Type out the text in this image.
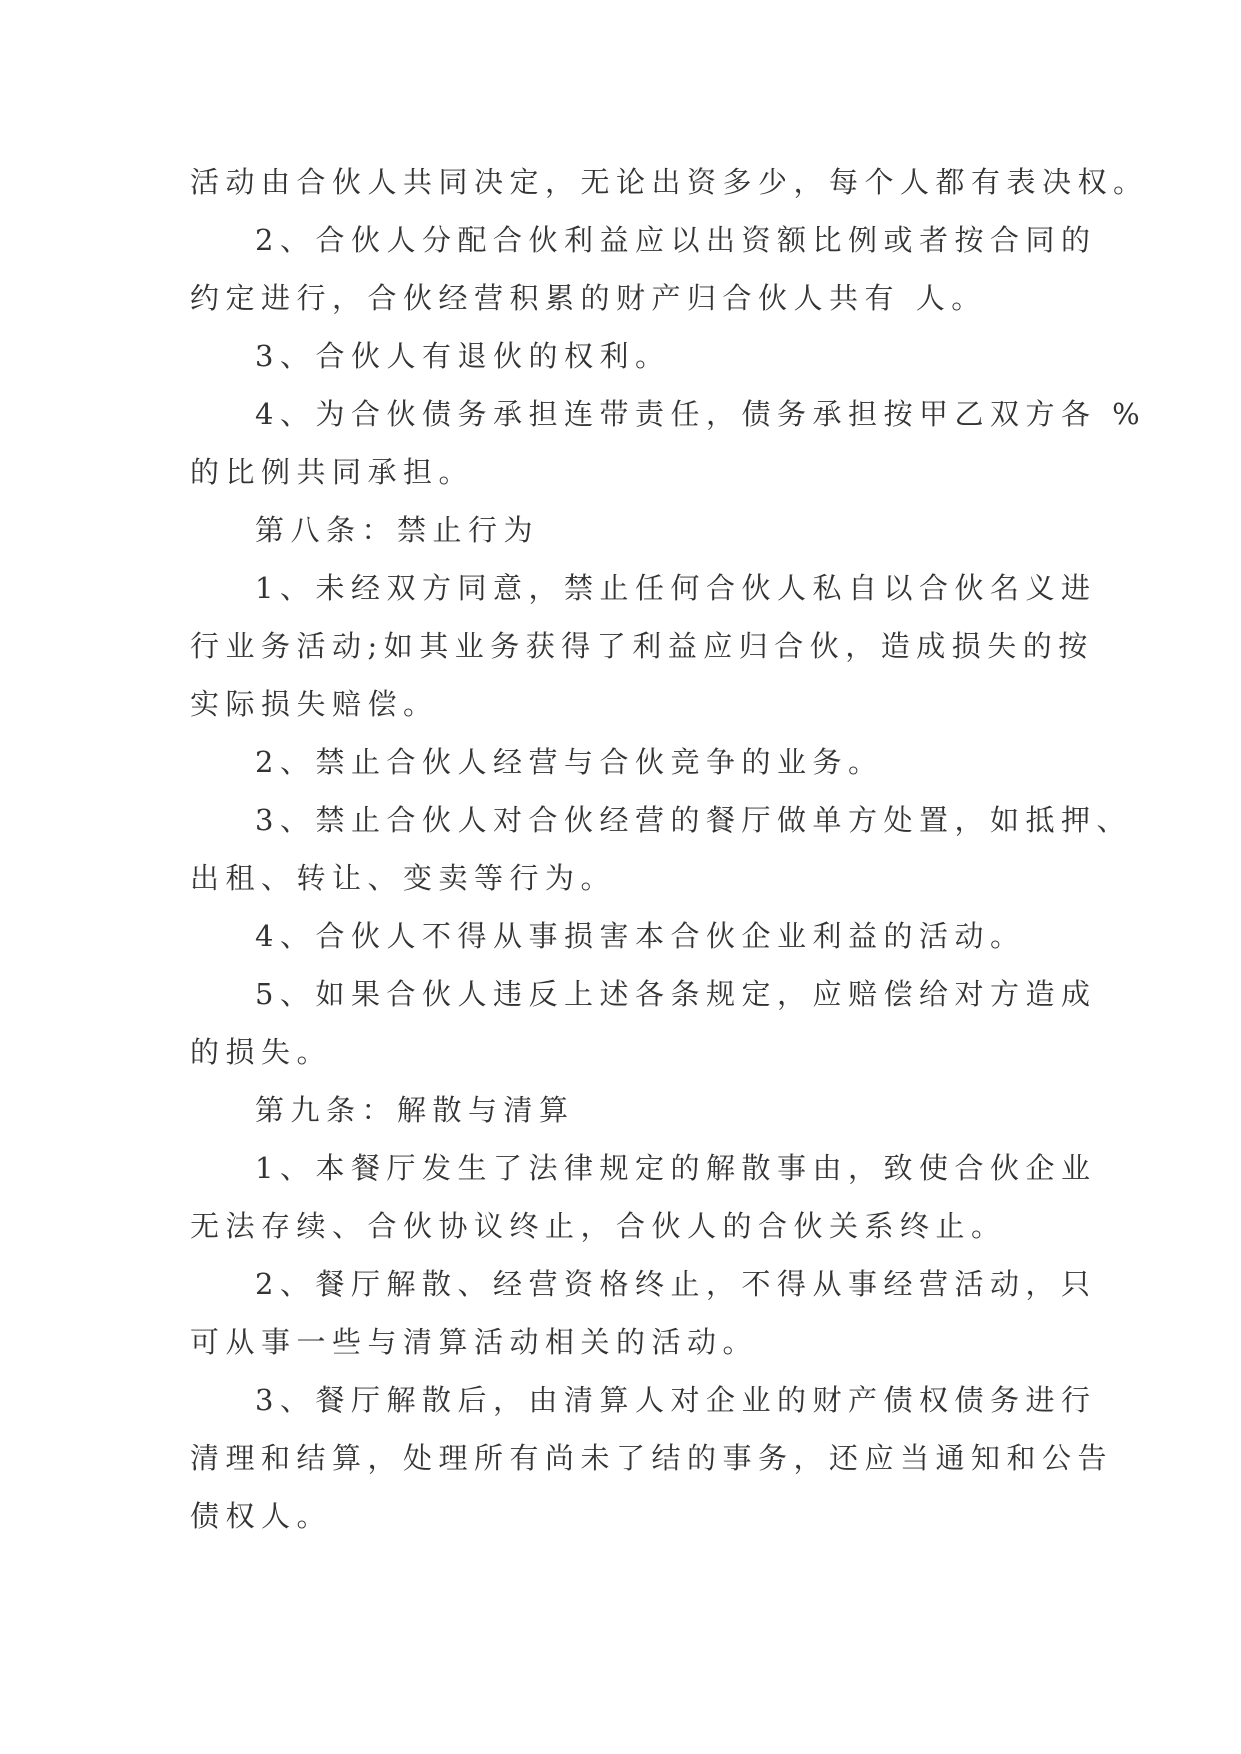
活动由合伙人共同决定，无论出资多少，每个人都有表决权。
2、合伙人分配合伙利益应以出资额比例或者按合同的
约定进行，合伙经营积累的财产归合伙人共有 人。
3、合伙人有退伙的权利。
4、为合伙债务承担连带责任，债务承担按甲乙双方各 %
的比例共同承担。
第八条：禁止行为
1、未经双方同意，禁止任何合伙人私自以合伙名义进
行业务活动;如其业务获得了利益应归合伙，造成损失的按
实际损失赔偿。
2、禁止合伙人经营与合伙竞争的业务。
3、禁止合伙人对合伙经营的餐厅做单方处置，如抵押、
出租、转让、变卖等行为。
4、合伙人不得从事损害本合伙企业利益的活动。
5、如果合伙人违反上述各条规定，应赔偿给对方造成
的损失。
第九条：解散与清算
1、本餐厅发生了法律规定的解散事由，致使合伙企业
无法存续、合伙协议终止，合伙人的合伙关系终止。
2、餐厅解散、经营资格终止，不得从事经营活动，只
可从事一些与清算活动相关的活动。
3、餐厅解散后，由清算人对企业的财产债权债务进行
清理和结算，处理所有尚未了结的事务，还应当通知和公告
债权人。
